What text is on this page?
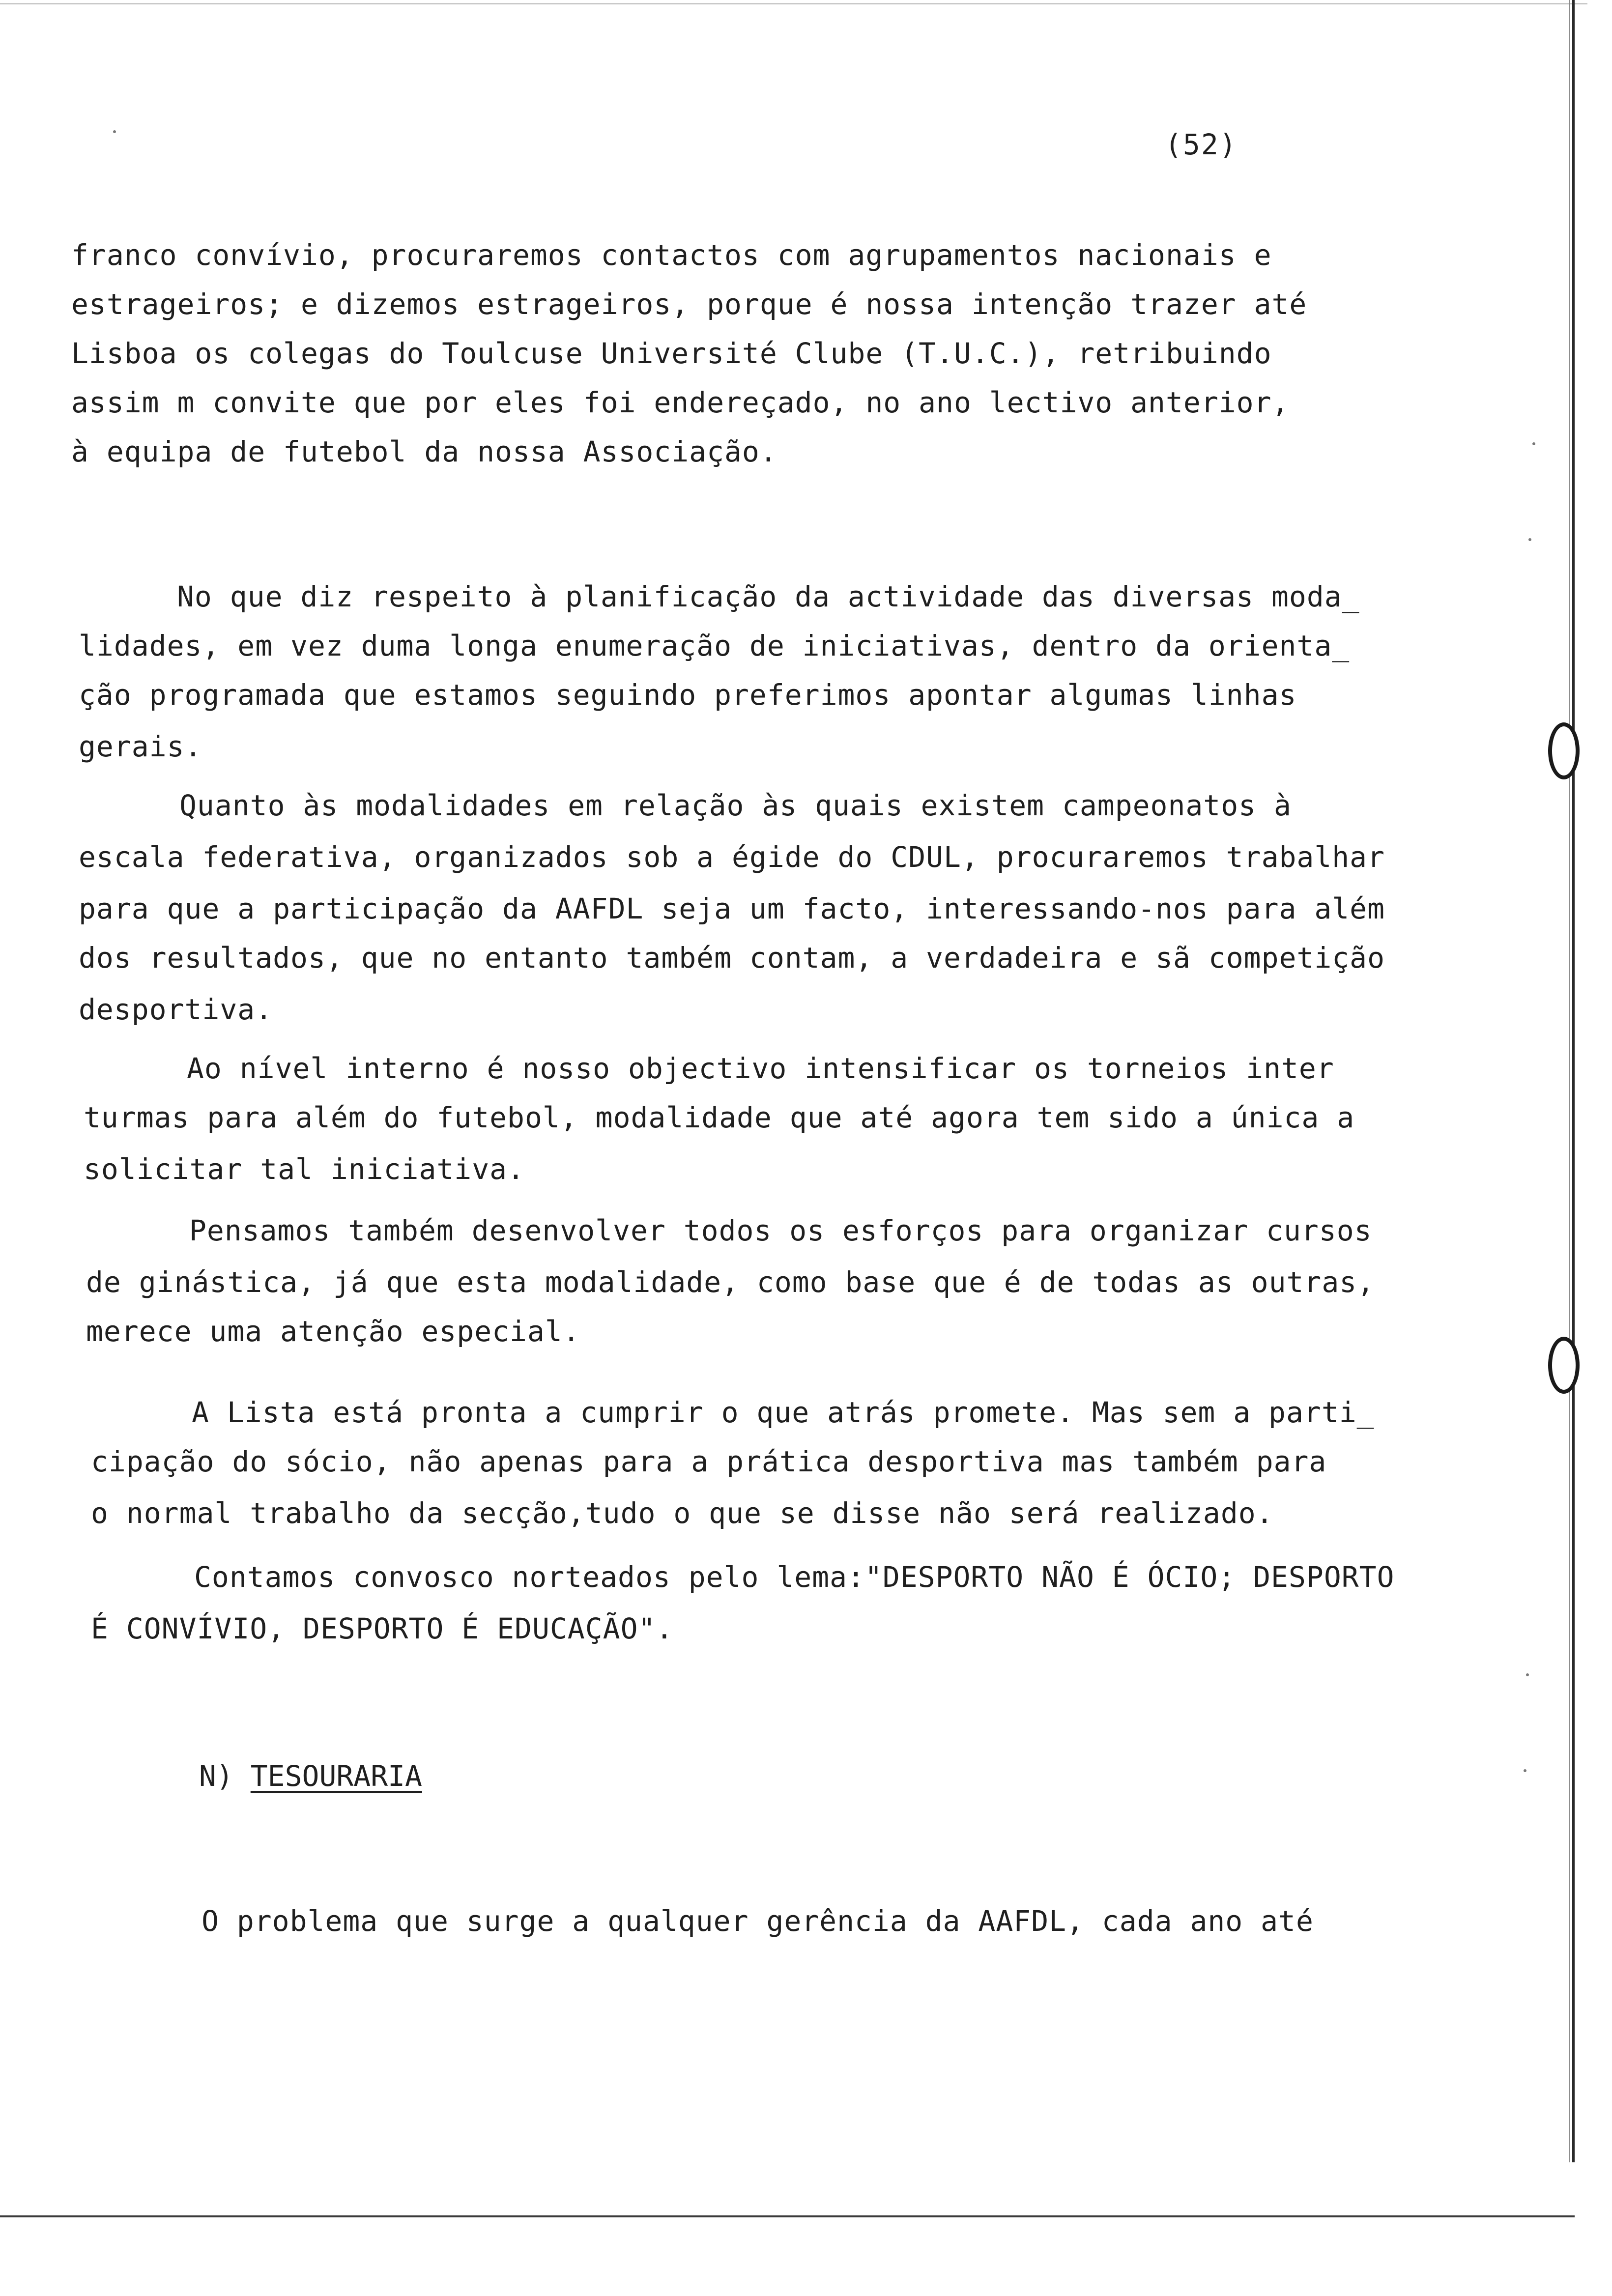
(52)
franco convívio, procuraremos contactos com agrupamentos nacionais e
estrageiros; e dizemos estrageiros, porque é nossa intenção trazer até
Lisboa os colegas do Toulcuse Université Clube (T.U.C.), retribuindo
assim m convite que por eles foi endereçado, no ano lectivo anterior,
à equipa de futebol da nossa Associação.
No que diz respeito à planificação da actividade das diversas moda_
lidades, em vez duma longa enumeração de iniciativas, dentro da orienta_
ção programada que estamos seguindo preferimos apontar algumas linhas
gerais.
Quanto às modalidades em relação às quais existem campeonatos à
escala federativa, organizados sob a égide do CDUL, procuraremos trabalhar
para que a participação da AAFDL seja um facto, interessando-nos para além
dos resultados, que no entanto também contam, a verdadeira e sã competição
desportiva.
Ao nível interno é nosso objectivo intensificar os torneios inter
turmas para além do futebol, modalidade que até agora tem sido a única a
solicitar tal iniciativa.
Pensamos também desenvolver todos os esforços para organizar cursos
de ginástica, já que esta modalidade, como base que é de todas as outras,
merece uma atenção especial.
A Lista está pronta a cumprir o que atrás promete. Mas sem a parti_
cipação do sócio, não apenas para a prática desportiva mas também para
o normal trabalho da secção,tudo o que se disse não será realizado.
Contamos convosco norteados pelo lema:"DESPORTO NÃO É ÓCIO; DESPORTO
É CONVÍVIO, DESPORTO É EDUCAÇÃO".
N) TESOURARIA
O problema que surge a qualquer gerência da AAFDL, cada ano até
